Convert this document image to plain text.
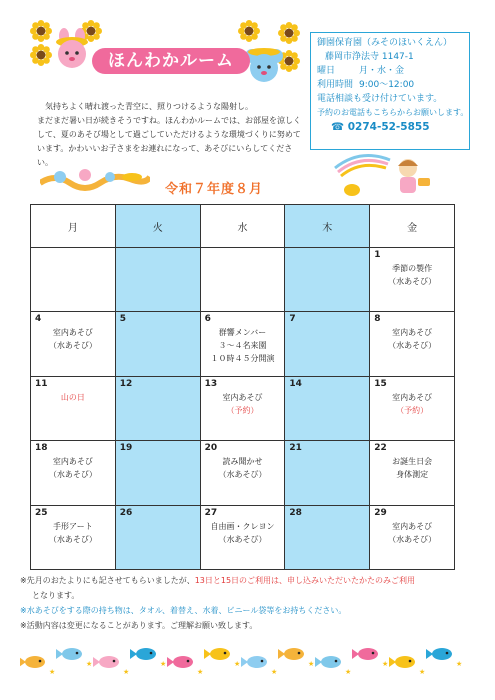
ほんわかルーム
御園保育園（みそのほいくえん）
藤岡市浄法寺 1147-1
曜日	月・水・金
利用時間 9:00～12:00
電話相談も受け付けています。
予約のお電話もこちらからお願いします。
☎ 0274-52-5855
気持ちよく晴れ渡った青空に、照りつけるような陽射し。
まだまだ暑い日が続きそうですね。ほんわかルームでは、お部屋を涼しく
して、夏のあそび場として過ごしていただけるような環境づくりに努めて
います。かわいいお子さまをお連れになって、あそびにいらしてください。
令和７年度８月
月	火	水	木	金

				1
季節の製作
（水あそび）

4
室内あそび
（水あそび）	5	6
群響メンバー
３～４名来園
１０時４５分開演	7	8
室内あそび
（水あそび）

11
山の日	12	13
室内あそび
（予約）	14	15
室内あそび
（予約）

18
室内あそび
（水あそび）	19	20
読み聞かせ
（水あそび）	21	22
お誕生日会
身体測定

25
手形アート
（水あそび）	26	27
自由画・クレヨン
（水あそび）	28	29
室内あそび
（水あそび）
※先月のおたよりにも記させてもらいましたが、13日と15日のご利用は、申し込みいただいたかたのみご利用
となります。
※水あそびをする際の持ち物は、タオル、着替え、水着、ビニール袋等をお持ちください。
※活動内容は変更になることがあります。ご理解お願い致します。
★
★
★
★
★
★
★
★
★
★
★
★
